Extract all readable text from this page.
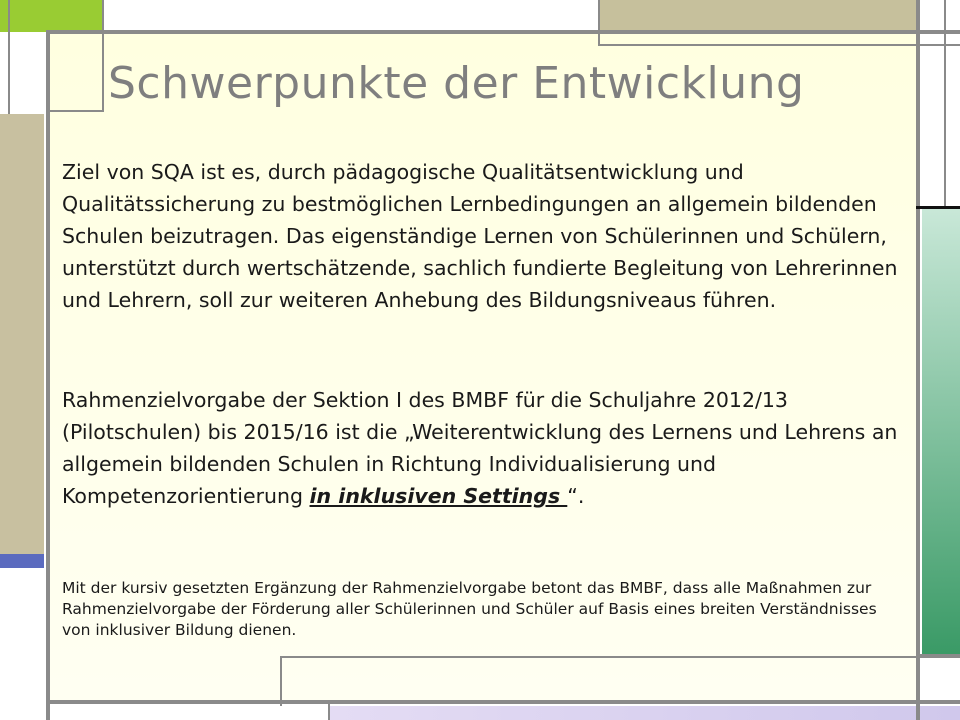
Schwerpunkte der Entwicklung

Ziel von SQA ist es, durch pädagogische Qualitätsentwicklung und Qualitätssicherung zu bestmöglichen Lernbedingungen an allgemein bildenden Schulen beizutragen. Das eigenständige Lernen von Schülerinnen und Schülern, unterstützt durch wertschätzende, sachlich fundierte Begleitung von Lehrerinnen und Lehrern, soll zur weiteren Anhebung des Bildungsniveaus führen.

Rahmenzielvorgabe der Sektion I des BMBF für die Schuljahre 2012/13 (Pilotschulen) bis 2015/16 ist die „Weiterentwicklung des Lernens und Lehrens an allgemein bildenden Schulen in Richtung Individualisierung und Kompetenzorientierung in inklusiven Settings “.

Mit der kursiv gesetzten Ergänzung der Rahmenzielvorgabe betont das BMBF, dass alle Maßnahmen zur Rahmenzielvorgabe der Förderung aller Schülerinnen und Schüler auf Basis eines breiten Verständnisses von inklusiver Bildung dienen.
